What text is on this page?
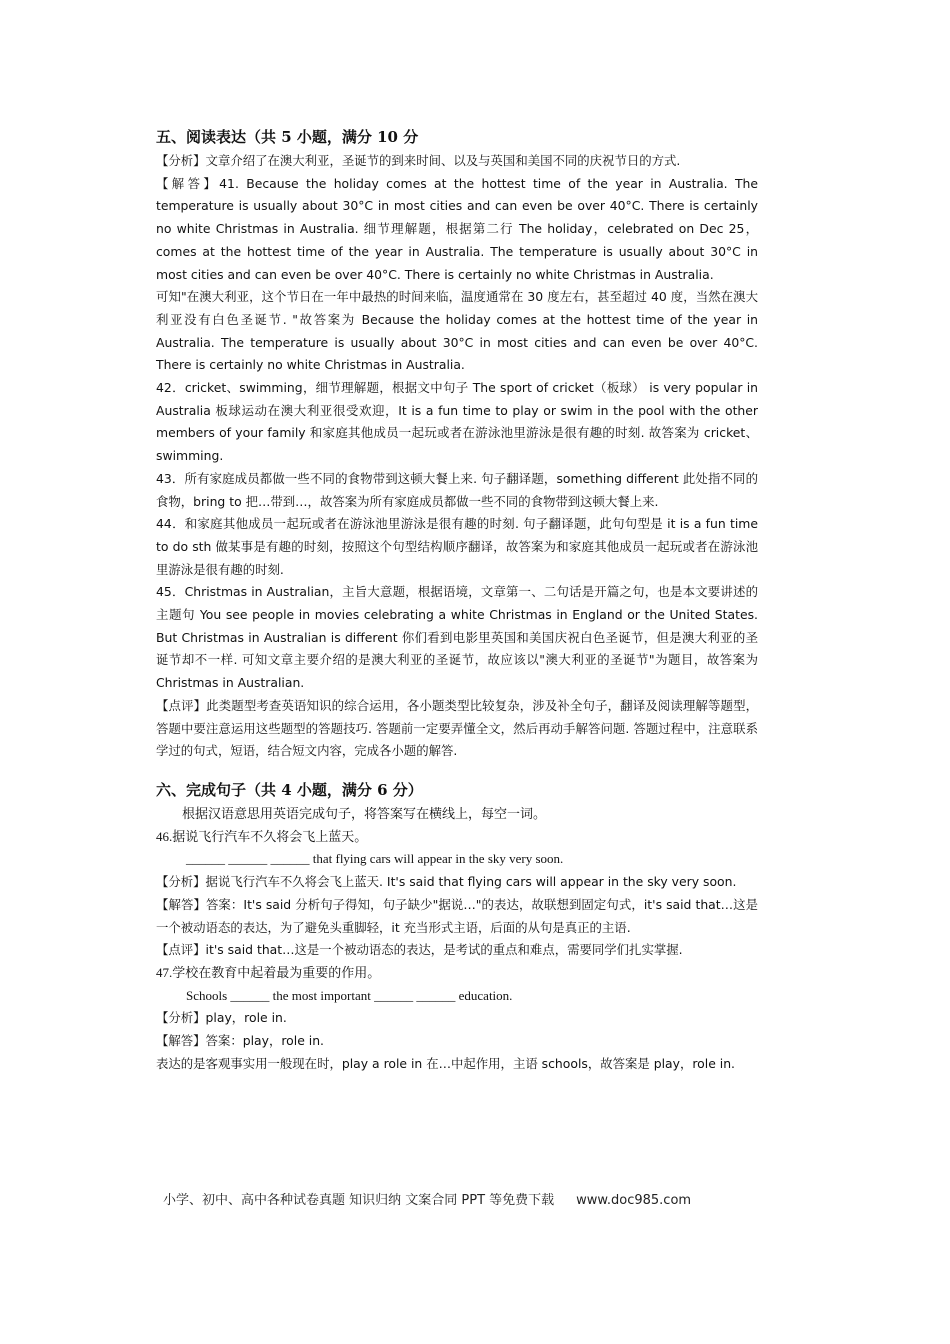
五、阅读表达（共 5 小题，满分 10 分

【分析】文章介绍了在澳大利亚，圣诞节的到来时间、以及与英国和美国不同的庆祝节日的方式.

【解答】41. Because the holiday comes at the hottest time of the year in Australia. The temperature is usually about 30°C in most cities and can even be over 40°C. There is certainly no white Christmas in Australia. 细节理解题，根据第二行 The holiday，celebrated on Dec 25，comes at the hottest time of the year in Australia. The temperature is usually about 30°C in most cities and can even be over 40°C. There is certainly no white Christmas in Australia.

可知"在澳大利亚，这个节日在一年中最热的时间来临，温度通常在 30 度左右，甚至超过 40 度，当然在澳大利亚没有白色圣诞节. "故答案为 Because the holiday comes at the hottest time of the year in Australia. The temperature is usually about 30°C in most cities and can even be over 40°C. There is certainly no white Christmas in Australia.

42．cricket、swimming，细节理解题，根据文中句子 The sport of cricket（板球） is very popular in Australia 板球运动在澳大利亚很受欢迎，It is a fun time to play or swim in the pool with the other members of your family 和家庭其他成员一起玩或者在游泳池里游泳是很有趣的时刻. 故答案为 cricket、swimming.

43．所有家庭成员都做一些不同的食物带到这顿大餐上来. 句子翻译题，something different 此处指不同的食物，bring to 把…带到…，故答案为所有家庭成员都做一些不同的食物带到这顿大餐上来.

44．和家庭其他成员一起玩或者在游泳池里游泳是很有趣的时刻. 句子翻译题，此句句型是 it is a fun time to do sth 做某事是有趣的时刻，按照这个句型结构顺序翻译，故答案为和家庭其他成员一起玩或者在游泳池里游泳是很有趣的时刻.

45．Christmas in Australian，主旨大意题，根据语境，文章第一、二句话是开篇之句，也是本文要讲述的主题句 You see people in movies celebrating a white Christmas in England or the United States. But Christmas in Australian is different 你们看到电影里英国和美国庆祝白色圣诞节，但是澳大利亚的圣诞节却不一样. 可知文章主要介绍的是澳大利亚的圣诞节，故应该以"澳大利亚的圣诞节"为题目，故答案为 Christmas in Australian.

【点评】此类题型考查英语知识的综合运用，各小题类型比较复杂，涉及补全句子，翻译及阅读理解等题型，答题中要注意运用这些题型的答题技巧. 答题前一定要弄懂全文，然后再动手解答问题. 答题过程中，注意联系学过的句式，短语，结合短文内容，完成各小题的解答.

六、完成句子（共 4 小题，满分 6 分）

根据汉语意思用英语完成句子，将答案写在横线上，每空一词。

46.据说飞行汽车不久将会飞上蓝天。

______ ______ ______ that flying cars will appear in the sky very soon.

【分析】据说飞行汽车不久将会飞上蓝天. It's said that flying cars will appear in the sky very soon.

【解答】答案：It's said 分析句子得知，句子缺少"据说…"的表达，故联想到固定句式，it's said that…这是一个被动语态的表达，为了避免头重脚轻，it 充当形式主语，后面的从句是真正的主语.

【点评】it's said that…这是一个被动语态的表达，是考试的重点和难点，需要同学们扎实掌握.

47.学校在教育中起着最为重要的作用。

Schools ______ the most important ______ ______ education.

【分析】play，role in.

【解答】答案：play，role in.

表达的是客观事实用一般现在时，play a role in 在…中起作用，主语 schools，故答案是 play，role in.

小学、初中、高中各种试卷真题 知识归纳 文案合同 PPT 等免费下载 www.doc985.com
